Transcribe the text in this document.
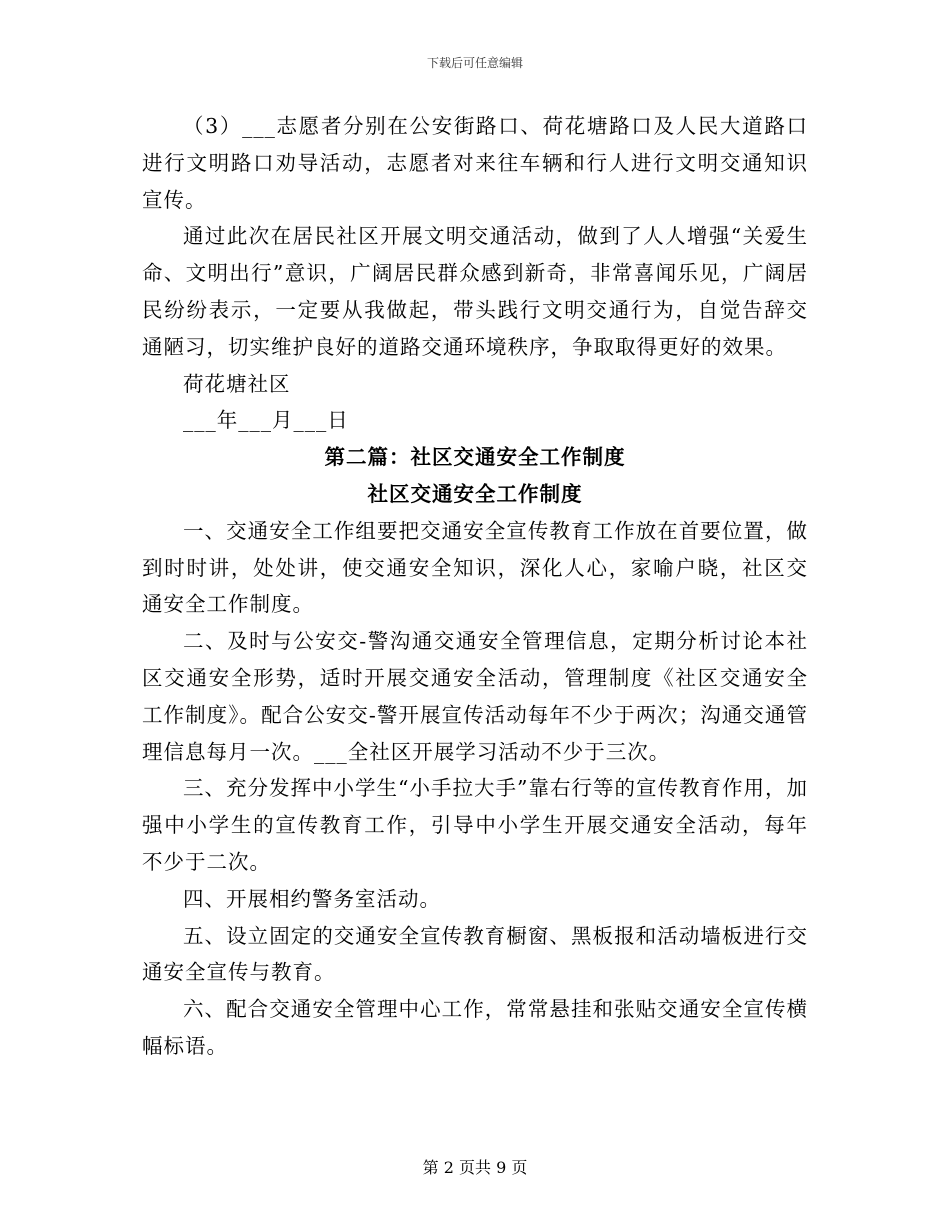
下载后可任意编辑

（3）___志愿者分别在公安街路口、荷花塘路口及人民大道路口进行文明路口劝导活动，志愿者对来往车辆和行人进行文明交通知识宣传。

通过此次在居民社区开展文明交通活动，做到了人人增强“关爱生命、文明出行”意识，广阔居民群众感到新奇，非常喜闻乐见，广阔居民纷纷表示，一定要从我做起，带头践行文明交通行为，自觉告辞交通陋习，切实维护良好的道路交通环境秩序，争取取得更好的效果。

荷花塘社区

___年___月___日

第二篇：社区交通安全工作制度

社区交通安全工作制度

一、交通安全工作组要把交通安全宣传教育工作放在首要位置，做到时时讲，处处讲，使交通安全知识，深化人心，家喻户晓，社区交通安全工作制度。

二、及时与公安交-警沟通交通安全管理信息，定期分析讨论本社区交通安全形势，适时开展交通安全活动，管理制度《社区交通安全工作制度》。配合公安交-警开展宣传活动每年不少于两次；沟通交通管理信息每月一次。___全社区开展学习活动不少于三次。

三、充分发挥中小学生“小手拉大手”靠右行等的宣传教育作用，加强中小学生的宣传教育工作，引导中小学生开展交通安全活动，每年不少于二次。

四、开展相约警务室活动。

五、设立固定的交通安全宣传教育橱窗、黑板报和活动墙板进行交通安全宣传与教育。

六、配合交通安全管理中心工作，常常悬挂和张贴交通安全宣传横幅标语。

第 2 页共 9 页
